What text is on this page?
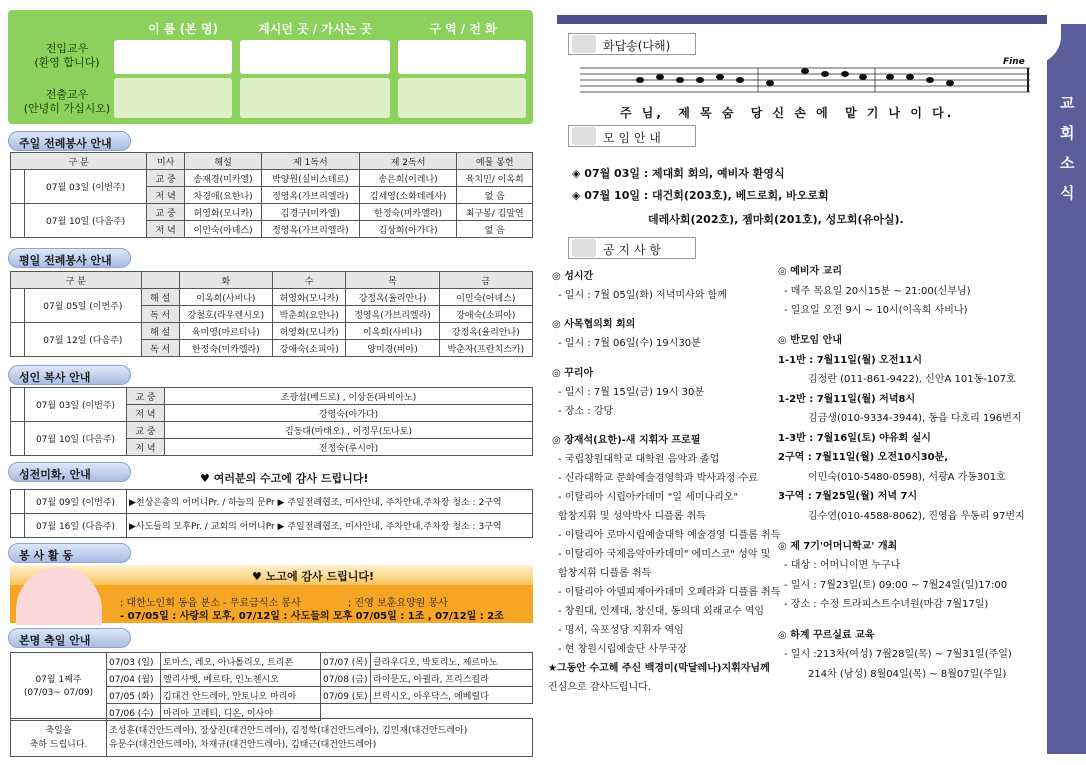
이 름 (본 명)	계시던 곳 / 가시는 곳	구 역 / 전 화
전입교우
(환영 합니다)
전출교우
(안녕히 가십시오)
주일 전례봉사 안내
구 분		미사	해설	제 1독서	제 2독서	예물 봉헌
	07월 03일 (이번주)	교 중	송재경(미카엘)	박양원(실비스테르)	송은희(이레나)	육치민/ 이옥희
		저 녁	차경애(요한나)	정영옥(가브리엘라)	김세영(소화데레사)	없 음
	07월 10일 (다음주)	교 중	허영화(모니카)	김경구(미카엘)	한정숙(미카엘라)	최구봉/ 김말연
		저 녁	이민숙(아녜스)	정영옥(가브리엘라)	김상희(아가다)	없 음
평일 전례봉사 안내
구 분			화	수	목	금
	07월 05일 (이번주)	해 설	이옥희(사비나)	허영화(모니카)	강정옥(율리안나)	이민숙(아녜스)
		독 서	강철호(라우렌시오)	박춘희(요안나)	정영옥(가브리엘라)	강애숙(소피아)
	07월 12일 (다음주)	해 설	육미영(마르티나)	허영화(모니카)	이옥희(사비나)	강정옥(율리안나)
		독 서	한정숙(미카엘라)	강애숙(소피아)	양미경(비아)	박춘자(프란치스카)
성인 복사 안내
	07월 03일 (이번주)	교 중	조광섭(베드로) , 이상돈(파비아노)
		저 녁	강영숙(아가다)
	07월 10일 (다음주)	교 중	김동대(마태오) , 이정무(도나토)
		저 녁	전정숙(루시아)
성전미화, 안내	♥ 여러분의 수고에 감사 드립니다!
	07월 09일 (이번주)	▶천상은총의 어머니Pr. / 하늘의 문Pr ▶ 주일전례협조, 미사안내, 주차안내,주차장 청소 : 2구역
	07월 16일 (다음주)	▶사도들의 모후Pr. / 교회의 어머니Pr ▶ 주일전례협조, 미사안내, 주차안내,주차장 청소 : 3구역
봉 사 활 동
♥ 노고에 감사 드립니다!
; 대한노인회 동읍 분소 - 무료급식소 봉사
- 07/05일 : 사랑의 모후, 07/12일 : 사도들의 모후
; 진영 보훈요양원 봉사
- 07/05일 : 1조 , 07/12일 : 2조
본명 축일 안내
07월 1째주
(07/03~ 07/09)	07/03 (일)	토마스, 레오, 아나톨리오, 트리폰	07/07 (목)	클라우디오, 박토리노, 제르마노
	07/04 (월)	엘리사벳, 베르타, 인노첸시오	07/08 (금)	라이문도, 아퀼라, 프리스킬라
	07/05 (화)	김대건 안드레아, 안토니오 마리아	07/09 (토)	브릭시오, 아우닥스, 에베릴다
	07/06 (수)	마리아 고레티, 디온, 이사야		
축일을
축하 드립니다.

조성훈(대건안드레아), 장상진(대건안드레아), 김정학(대건안드레아), 김민재(대건안드레아)
유문수(대건안드레아), 차재규(대건안드레아), 김태근(대건안드레아)
교
회
소
식
화답송(다해)
Fine
주 님,  제 목 숨  당 신 손 에  맡 기 나 이 다.
모 임 안 내
◈ 07월 03일 : 제대회 회의, 예비자 환영식
◈ 07월 10일 : 대건회(203호), 베드로회, 바오로회
데레사회(202호), 젬마회(201호), 성모회(유아실).
공 지 사 항
◎ 성시간
- 일시 : 7월 05일(화) 저녁미사와 함께
◎ 사목협의회 회의
- 일시 : 7월 06일(수) 19시30분
◎ 꾸리아
- 일시 : 7월 15일(금) 19시 30분
- 장소 : 강당
◎ 장재석(요한)-새 지휘자 프로필
- 국립창원대학교 대학원 음악과 졸업
- 신라대학교 문화예술경영학과 박사과정 수료
- 이탈리아 시립아카데미 "일 세미나리오"
합창지휘 및 성악박사 디플롬 취득
- 이탈리아 로마시립예술대학 예술경영 디플롬 취득
- 이탈리아 국제음악아카데미" 에미스코" 성악 및
합창지휘 디플롬 취득
- 이탈리아 아델피제아카데미 오페라과 디플롬 취득
- 창원대, 인제대, 창신대, 동의대 외래교수 역임
- 명서, 옥포성당 지휘자 역임
- 현 창원시립예술단 사무국장
★그동안 수고해 주신 백경미(막달레나)지휘자님께
진심으로 감사드립니다.
◎ 예비자 교리
- 매주 목요일 20시15분 ~ 21:00(신부님)
- 일요일 오전 9시 ~ 10시(이옥희 사비나)
◎ 반모임 안내
1-1반 : 7월11일(월) 오전11시
김정란 (011-861-9422), 신안A 101동-107호
1-2반 : 7월11일(월) 저녁8시
김금생(010-9334-3944), 동읍 다호리 196번지
1-3반 : 7월16일(토) 야유회 실시
2구역 : 7월11일(월) 오전10시30분,
이민숙(010-5480-0598), 서광A 가동301호
3구역 : 7월25일(월) 저녁 7시
김수연(010-4588-8062), 진영읍 우동리 97번지
◎ 제 7기'어머니학교' 개최
- 대상 : 어머니이면 누구나
- 일시 : 7월23일(토) 09:00 ~ 7월24일(일)17:00
- 장소 : 수정 트라피스트수녀원(마감 7월17일)
◎ 하계 꾸르실료 교육
- 일시 :213차(여성) 7월28일(목) ~ 7월31일(주일)
214차 (남성) 8월04일(목) ~ 8월07일(주일)
